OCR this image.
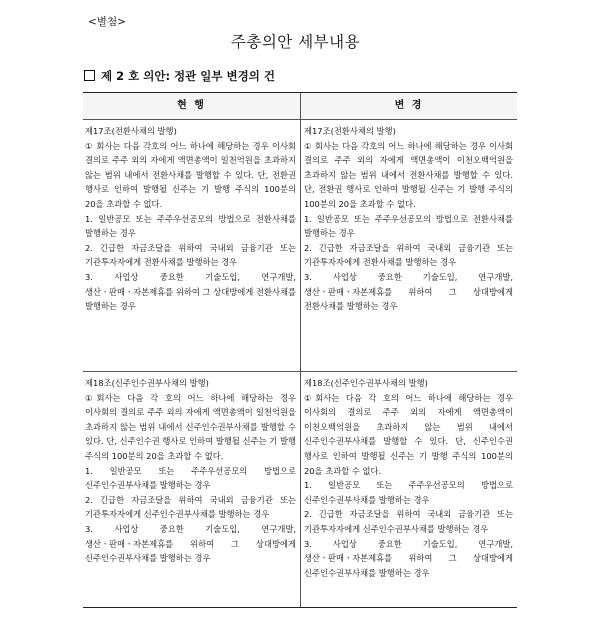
<별첨>
주총의안 세부내용
제 2 호 의안: 정관 일부 변경의 건
현 행	변 경
제17조(전환사채의 발행)
① 회사는 다음 각호의 어느 하나에 해당하는 경우 이사회 결의로 주주 외의 자에게 액면총액이 일천억원을 초과하지 않는 범위 내에서 전환사채를 발행할 수 있다. 단, 전환권 행사로 인하여 발행될 신주는 기 발행 주식의 100분의 20을 초과할 수 없다.
1. 일반공모 또는 주주우선공모의 방법으로 전환사채를 발행하는 경우
2. 긴급한 자금조달을 위하여 국내외 금융기관 또는 기관투자자에게 전환사채를 발행하는 경우
3. 사업상 중요한 기술도입, 연구개발, 생산ㆍ판매ㆍ자본제휴를 위하여 그 상대방에게 전환사채를 발행하는 경우
제17조(전환사채의 발행)
① 회사는 다음 각호의 어느 하나에 해당하는 경우 이사회 결의로 주주 외의 자에게 액면총액이 이천오백억원을 초과하지 않는 범위 내에서 전환사채를 발행할 수 있다. 단, 전환권 행사로 인하여 발행될 신주는 기 발행 주식의 100분의 20을 초과할 수 없다.
1. 일반공모 또는 주주우선공모의 방법으로 전환사채를 발행하는 경우
2. 긴급한 자금조달을 위하여 국내외 금융기관 또는 기관투자자에게 전환사채를 발행하는 경우
3. 사업상 중요한 기술도입, 연구개발, 생산ㆍ판매ㆍ자본제휴를 위하여 그 상대방에게 전환사채를 발행하는 경우
제18조(신주인수권부사채의 발행)
①회사는 다음 각 호의 어느 하나에 해당하는 경우 이사회의 결의로 주주 외의 자에게 액면총액이 일천억원을 초과하지 않는 범위 내에서 신주인수권부사채를 발행할 수 있다. 단, 신주인수권 행사로 인하여 발행될 신주는 기 발행 주식의 100분의 20을 초과할 수 없다.
1. 일반공모 또는 주주우선공모의 방법으로 신주인수권부사채를 발행하는 경우
2. 긴급한 자금조달을 위하여 국내외 금융기관 또는 기관투자자에게 신주인수권부사채를 발행하는 경우
3. 사업상 중요한 기술도입, 연구개발, 생산ㆍ판매ㆍ자본제휴를 위하여 그 상대방에게 신주인수권부사채를 발행하는 경우
제18조(신주인수권부사채의 발행)
①회사는 다음 각 호의 어느 하나에 해당하는 경우 이사회의 결의로 주주 외의 자에게 액면총액이 이천오백억원을 초과하지 않는 범위 내에서 신주인수권부사채를 발행할 수 있다. 단, 신주인수권 행사로 인하여 발행될 신주는 기 발행 주식의 100분의 20을 초과할 수 없다.
1. 일반공모 또는 주주우선공모의 방법으로 신주인수권부사채를 발행하는 경우
2. 긴급한 자금조달을 위하여 국내외 금융기관 또는 기관투자자에게 신주인수권부사채를 발행하는 경우
3. 사업상 중요한 기술도입, 연구개발, 생산ㆍ판매ㆍ자본제휴를 위하여 그 상대방에게 신주인수권부사채를 발행하는 경우
